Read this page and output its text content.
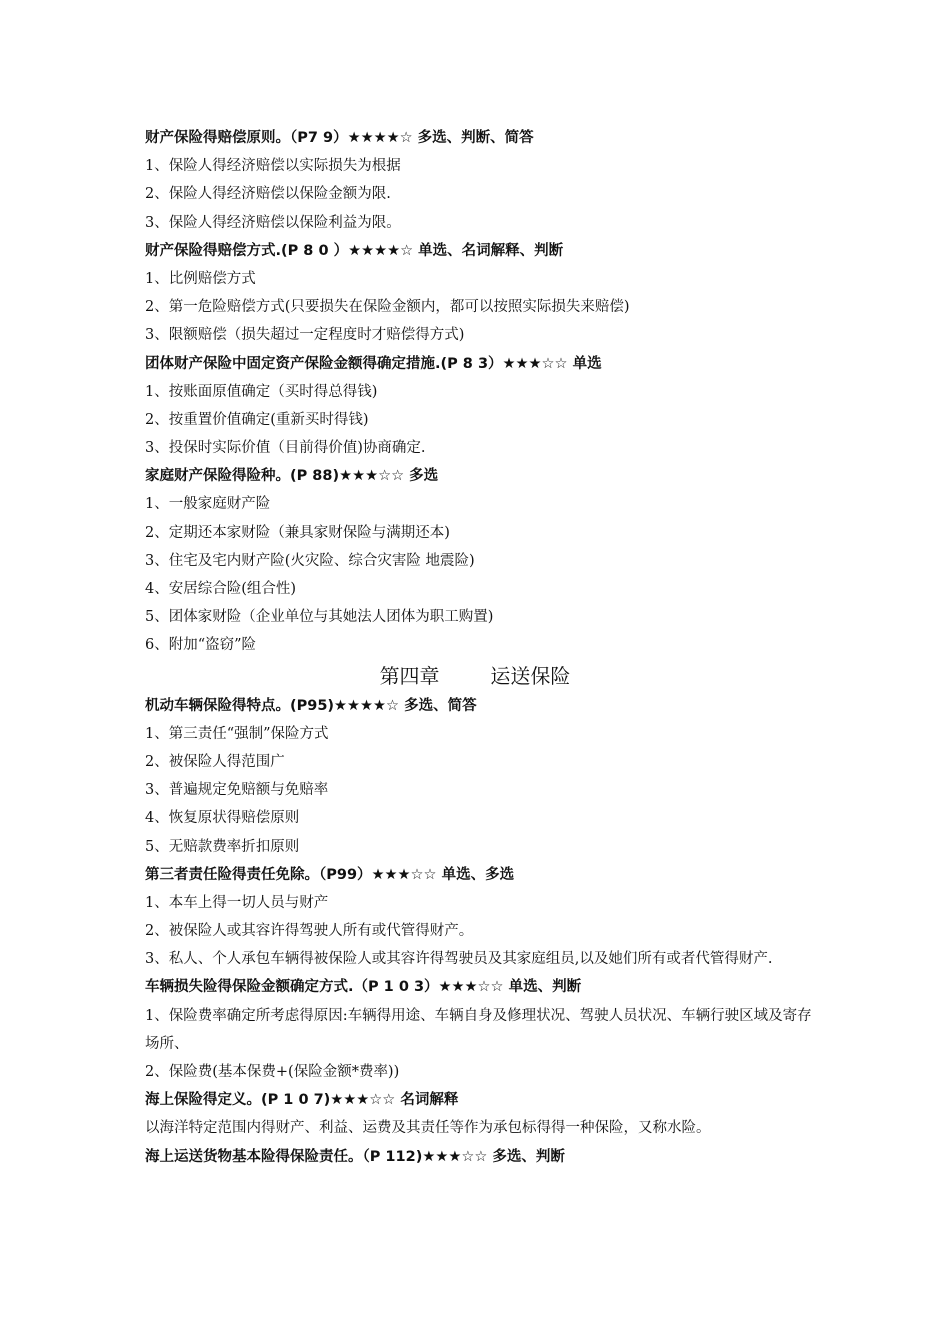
财产保险得赔偿原则。（P7 9）★★★★☆ 多选、判断、简答
1、保险人得经济赔偿以实际损失为根据
2、保险人得经济赔偿以保险金额为限.
3、保险人得经济赔偿以保险利益为限。
财产保险得赔偿方式.(P 8 0 ）★★★★☆ 单选、名词解释、判断
1、比例赔偿方式
2、第一危险赔偿方式(只要损失在保险金额内，都可以按照实际损失来赔偿)
3、限额赔偿（损失超过一定程度时才赔偿得方式)
团体财产保险中固定资产保险金额得确定措施.(P 8 3）★★★☆☆ 单选
1、按账面原值确定（买时得总得钱)
2、按重置价值确定(重新买时得钱)
3、投保时实际价值（目前得价值)协商确定.
家庭财产保险得险种。(P 88)★★★☆☆ 多选
1、一般家庭财产险
2、定期还本家财险（兼具家财保险与满期还本)
3、住宅及宅内财产险(火灾险、综合灾害险 地震险)
4、安居综合险(组合性)
5、团体家财险（企业单位与其她法人团体为职工购置)
6、附加“盗窃”险
第四章        运送保险
机动车辆保险得特点。(P95)★★★★☆ 多选、简答
1、第三责任“强制”保险方式
2、被保险人得范围广
3、普遍规定免赔额与免赔率
4、恢复原状得赔偿原则
5、无赔款费率折扣原则
第三者责任险得责任免除。（P99）★★★☆☆ 单选、多选
1、本车上得一切人员与财产
2、被保险人或其容许得驾驶人所有或代管得财产。
3、私人、个人承包车辆得被保险人或其容许得驾驶员及其家庭组员,以及她们所有或者代管得财产.
车辆损失险得保险金额确定方式.（P 1 0 3）★★★☆☆ 单选、判断
1、保险费率确定所考虑得原因:车辆得用途、车辆自身及修理状况、驾驶人员状况、车辆行驶区域及寄存场所、
2、保险费(基本保费+(保险金额*费率))
海上保险得定义。(P 1 0 7)★★★☆☆ 名词解释
以海洋特定范围内得财产、利益、运费及其责任等作为承包标得得一种保险，又称水险。
海上运送货物基本险得保险责任。（P 112)★★★☆☆ 多选、判断
